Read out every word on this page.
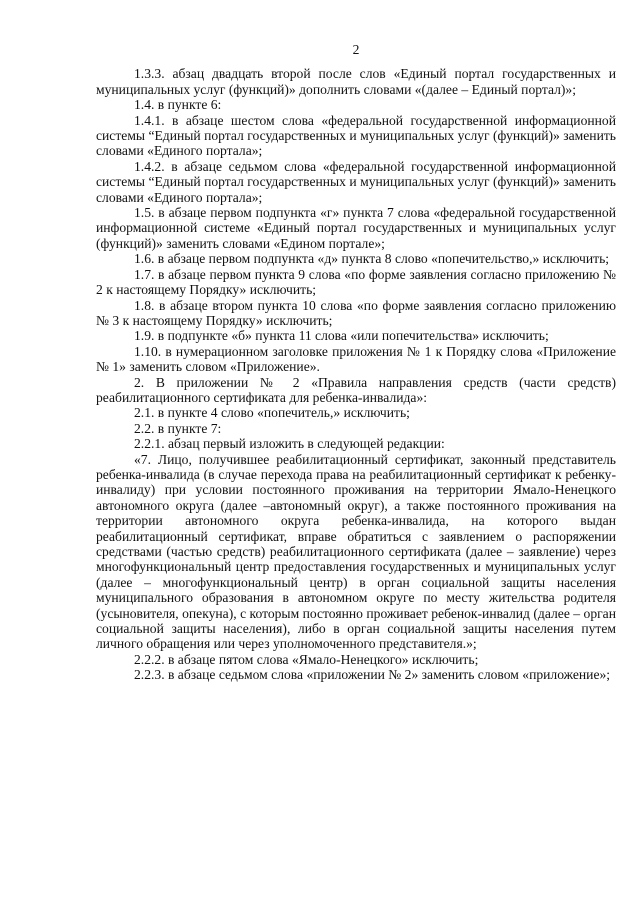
2

1.3.3. абзац двадцать второй после слов «Единый портал государственных и муниципальных услуг (функций)» дополнить словами «(далее – Единый портал)»;

1.4. в пункте 6:

1.4.1. в абзаце шестом слова «федеральной государственной информационной системы “Единый портал государственных и муниципальных услуг (функций)» заменить словами «Единого портала»;

1.4.2. в абзаце седьмом слова «федеральной государственной информационной системы “Единый портал государственных и муниципальных услуг (функций)» заменить словами «Единого портала»;

1.5. в абзаце первом подпункта «г» пункта 7 слова «федеральной государственной информационной системе «Единый портал государственных и муниципальных услуг (функций)» заменить словами «Едином портале»;

1.6. в абзаце первом подпункта «д» пункта 8 слово «попечительство,» исключить;

1.7. в абзаце первом пункта 9 слова «по форме заявления согласно приложению № 2 к настоящему Порядку» исключить;

1.8. в абзаце втором пункта 10 слова «по форме заявления согласно приложению № 3 к настоящему Порядку» исключить;

1.9. в подпункте «б» пункта 11 слова «или попечительства» исключить;

1.10. в нумерационном заголовке приложения № 1 к Порядку слова «Приложение № 1» заменить словом «Приложение».

2. В приложении № 2 «Правила направления средств (части средств) реабилитационного сертификата для ребенка-инвалида»:

2.1. в пункте 4 слово «попечитель,» исключить;

2.2. в пункте 7:

2.2.1. абзац первый изложить в следующей редакции:

«7. Лицо, получившее реабилитационный сертификат, законный представитель ребенка-инвалида (в случае перехода права на реабилитационный сертификат к ребенку-инвалиду) при условии постоянного проживания на территории Ямало-Ненецкого автономного округа (далее –автономный округ), а также постоянного проживания на территории автономного округа ребенка-инвалида, на которого выдан реабилитационный сертификат, вправе обратиться с заявлением о распоряжении средствами (частью средств) реабилитационного сертификата (далее – заявление) через многофункциональный центр предоставления государственных и муниципальных услуг (далее – многофункциональный центр) в орган социальной защиты населения муниципального образования в автономном округе по месту жительства родителя (усыновителя, опекуна), с которым постоянно проживает ребенок-инвалид (далее – орган социальной защиты населения), либо в орган социальной защиты населения путем личного обращения или через уполномоченного представителя.»;

2.2.2. в абзаце пятом слова «Ямало-Ненецкого» исключить;

2.2.3. в абзаце седьмом слова «приложении № 2» заменить словом «приложение»;
